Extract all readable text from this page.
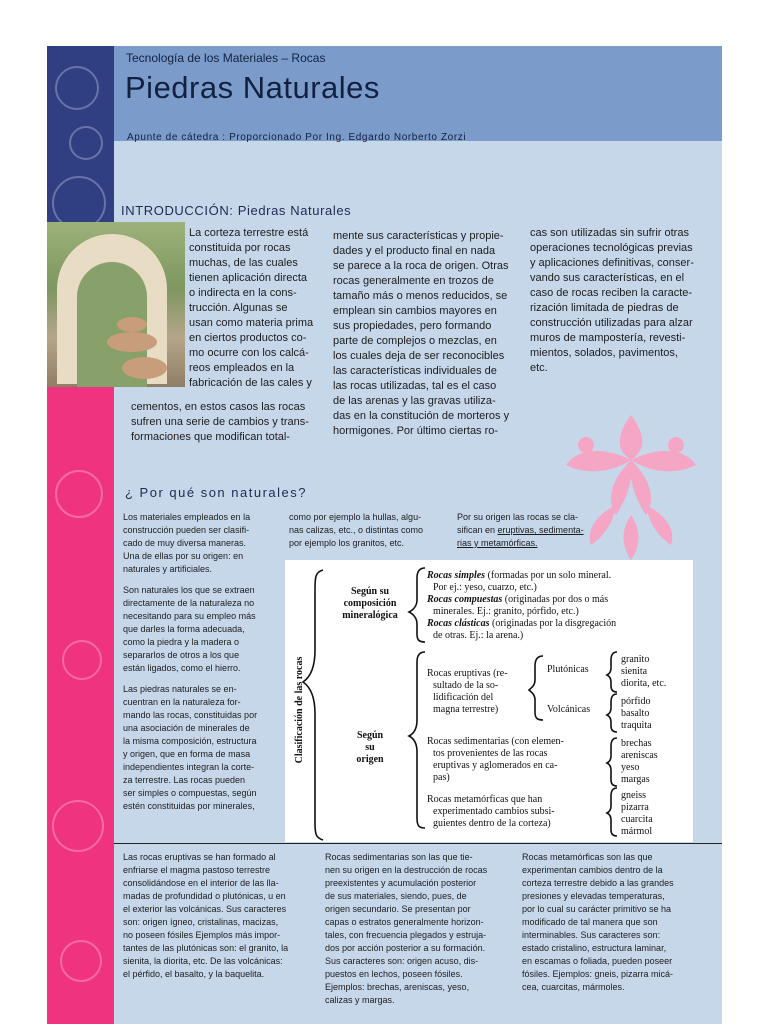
Tecnología de los Materiales – Rocas
Piedras Naturales
Apunte de cátedra : Proporcionado Por Ing. Edgardo Norberto Zorzi
INTRODUCCIÓN: Piedras Naturales
La corteza terrestre está
constituida por rocas
muchas, de las cuales
tienen aplicación directa
o indirecta en la cons-
trucción. Algunas se
usan como materia prima
en ciertos productos co-
mo ocurre con los calcá-
reos empleados en la
fabricación de las cales y
cementos, en estos casos las rocas
sufren una serie de cambios y trans-
formaciones que modifican total-
mente sus características y propie-
dades y el producto final en nada
se parece a la roca de origen. Otras
rocas generalmente en trozos de
tamaño más o menos reducidos, se
emplean sin cambios mayores en
sus propiedades, pero formando
parte de complejos o mezclas, en
los cuales deja de ser reconocibles
las características individuales de
las rocas utilizadas, tal es el caso
de las arenas y las gravas utiliza-
das en la constitución de morteros y
hormigones. Por último ciertas ro-
cas son utilizadas sin sufrir otras
operaciones tecnológicas previas
y aplicaciones definitivas, conser-
vando sus características, en el
caso de rocas reciben la caracte-
rización limitada de piedras de
construcción utilizadas para alzar
muros de mampostería, revesti-
mientos, solados, pavimentos,
etc.
¿ Por qué son naturales?

Los materiales empleados en la
construcción pueden ser clasifi-
cado de muy diversa maneras.
Una de ellas por su origen: en
naturales y artificiales.

Son naturales los que se extraen
directamente de la naturaleza no
necesitando para su empleo más
que darles la forma adecuada,
como la piedra y la madera o
separarlos de otros a los que
están ligados, como el hierro.

Las piedras naturales se en-
cuentran en la naturaleza for-
mando las rocas, constituidas por
una asociación de minerales de
la misma composición, estructura
y origen, que en forma de masa
independientes integran la corte-
za terrestre. Las rocas pueden
ser simples o compuestas, según
estén constituidas por minerales,

como por ejemplo la hullas, algu-
nas calizas, etc., o distintas como
por ejemplo los granitos, etc.
Por su origen las rocas se cla-
sifican en eruptivas, sedimenta-
rias y metamórficas.
Clasificación de las rocas
Según su
composición
mineralógica
Según
su
origen
Rocas simples (formadas por un solo mineral.
Por ej.: yeso, cuarzo, etc.)
Rocas compuestas (originadas por dos o más
minerales. Ej.: granito, pórfido, etc.)
Rocas clásticas (originadas por la disgregación
de otras. Ej.: la arena.)
Rocas eruptivas (re-
sultado de la so-
lidificación del
magna terrestre)
Plutónicas
Volcánicas
granito
sienita
diorita, etc.
pórfido
basalto
traquita
Rocas sedimentarias (con elemen-
tos provenientes de las rocas
eruptivas y aglomerados en ca-
pas)
brechas
areniscas
yeso
margas
Rocas metamórficas que han
experimentado cambios subsi-
guientes dentro de la corteza)
gneiss
pizarra
cuarcita
mármol
Las rocas eruptivas se han formado al
enfriarse el magma pastoso terrestre
consolidándose en el interior de las lla-
madas de profundidad o plutónicas, u en
el exterior las volcánicas. Sus caracteres
son: origen ígneo, cristalinas, macizas,
no poseen fósiles Ejemplos más impor-
tantes de las plutónicas son: el granito, la
sienita, la diorita, etc. De las volcánicas:
el pérfido, el basalto, y la baquelita.
Rocas sedimentarias son las que tie-
nen su origen en la destrucción de rocas
preexistentes y acumulación posterior
de sus materiales, siendo, pues, de
origen secundario. Se presentan por
capas o estratos generalmente horizon-
tales, con frecuencia plegados y estruja-
dos por acción posterior a su formación.
Sus caracteres son: origen acuso, dis-
puestos en lechos, poseen fósiles.
Ejemplos: brechas, areniscas, yeso,
calizas y margas.
Rocas metamórficas son las que
experimentan cambios dentro de la
corteza terrestre debido a las grandes
presiones y elevadas temperaturas,
por lo cual su carácter primitivo se ha
modificado de tal manera que son
interminables. Sus caracteres son:
estado cristalino, estructura laminar,
en escamas o foliada, pueden poseer
fósiles. Ejemplos: gneis, pizarra micá-
cea, cuarcitas, mármoles.
